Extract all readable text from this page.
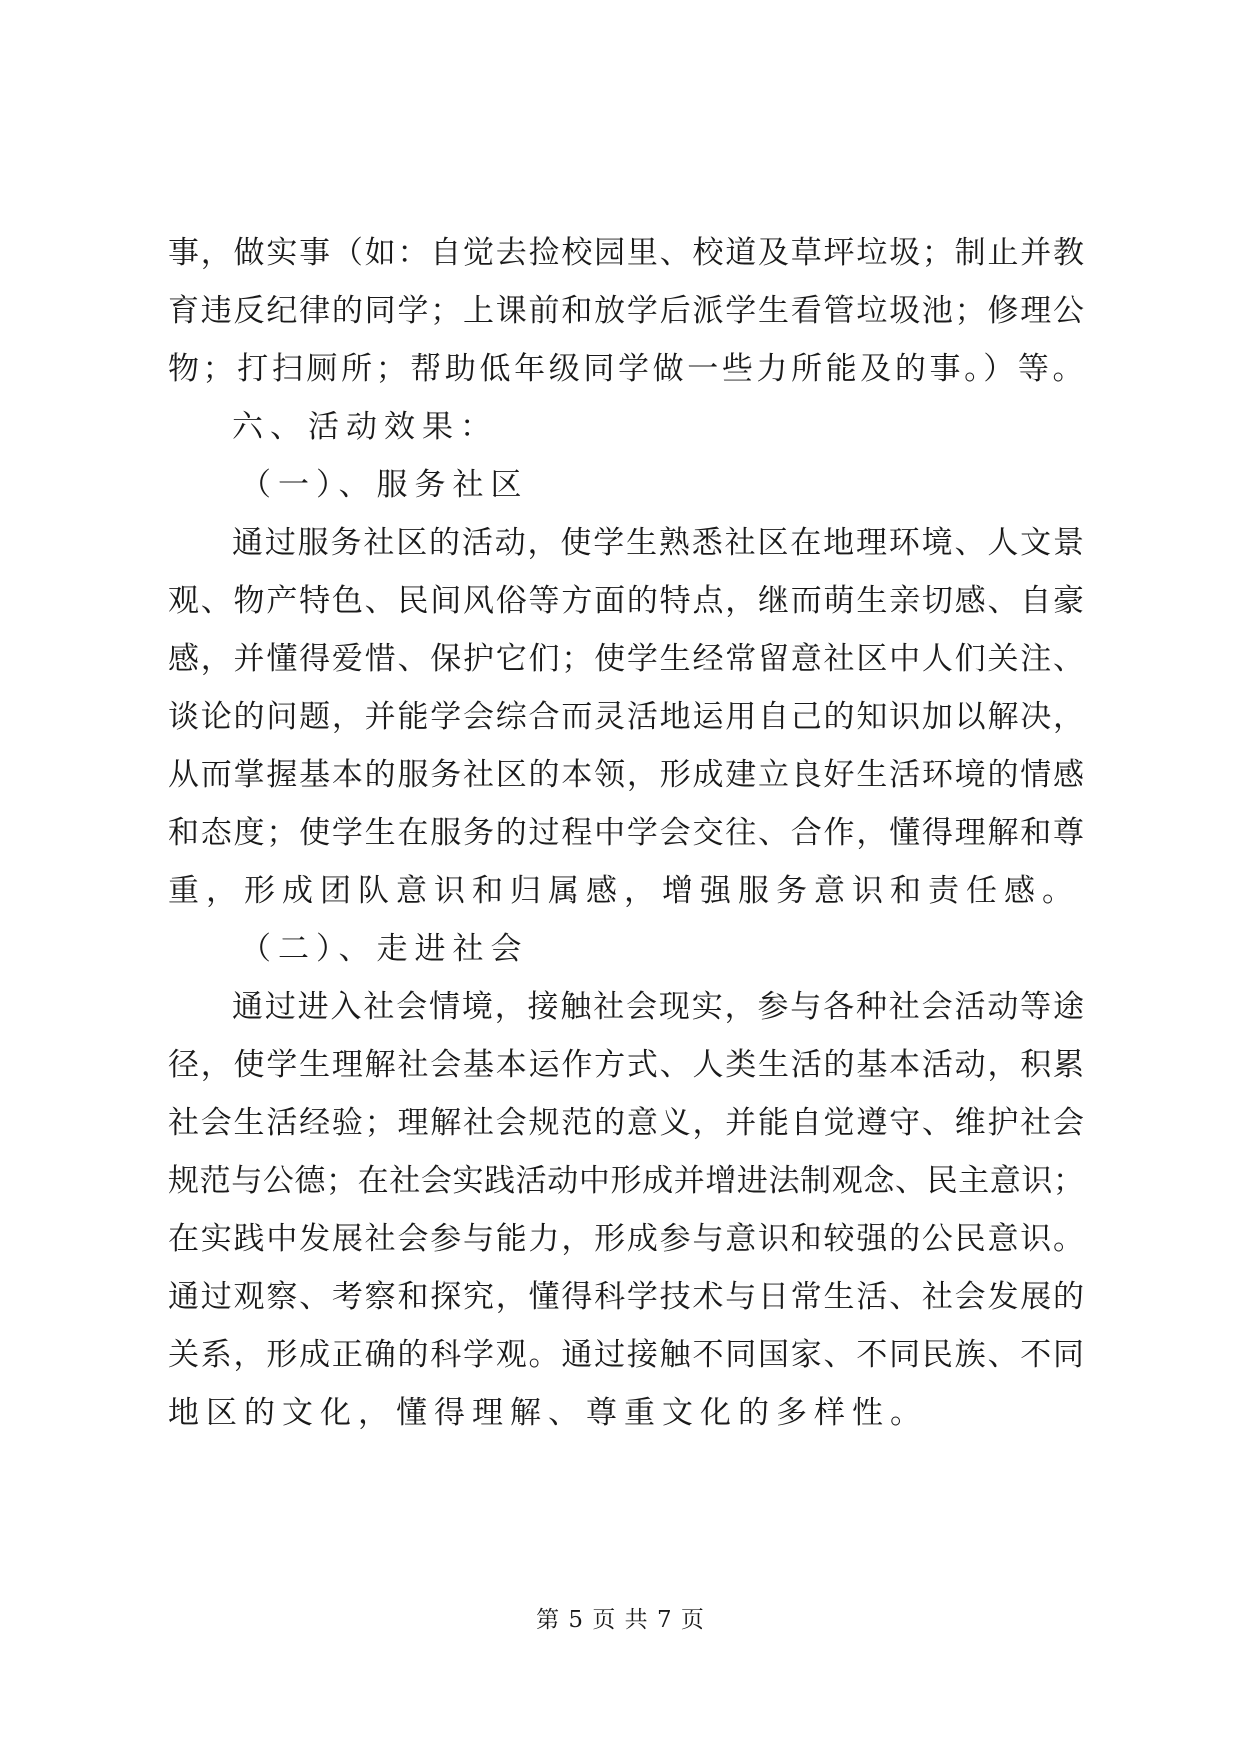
事，做实事（如：自觉去捡校园里、校道及草坪垃圾；制止并教
育违反纪律的同学；上课前和放学后派学生看管垃圾池；修理公
物；打扫厕所；帮助低年级同学做一些力所能及的事。）等。
六、活动效果：
（一）、服务社区
通过服务社区的活动，使学生熟悉社区在地理环境、人文景
观、物产特色、民间风俗等方面的特点，继而萌生亲切感、自豪
感，并懂得爱惜、保护它们；使学生经常留意社区中人们关注、
谈论的问题，并能学会综合而灵活地运用自己的知识加以解决，
从而掌握基本的服务社区的本领，形成建立良好生活环境的情感
和态度；使学生在服务的过程中学会交往、合作，懂得理解和尊
重，形成团队意识和归属感，增强服务意识和责任感。
（二）、走进社会
通过进入社会情境，接触社会现实，参与各种社会活动等途
径，使学生理解社会基本运作方式、人类生活的基本活动，积累
社会生活经验；理解社会规范的意义，并能自觉遵守、维护社会
规范与公德；在社会实践活动中形成并增进法制观念、民主意识；
在实践中发展社会参与能力，形成参与意识和较强的公民意识。
通过观察、考察和探究，懂得科学技术与日常生活、社会发展的
关系，形成正确的科学观。通过接触不同国家、不同民族、不同
地区的文化，懂得理解、尊重文化的多样性。
第 5 页 共 7 页
